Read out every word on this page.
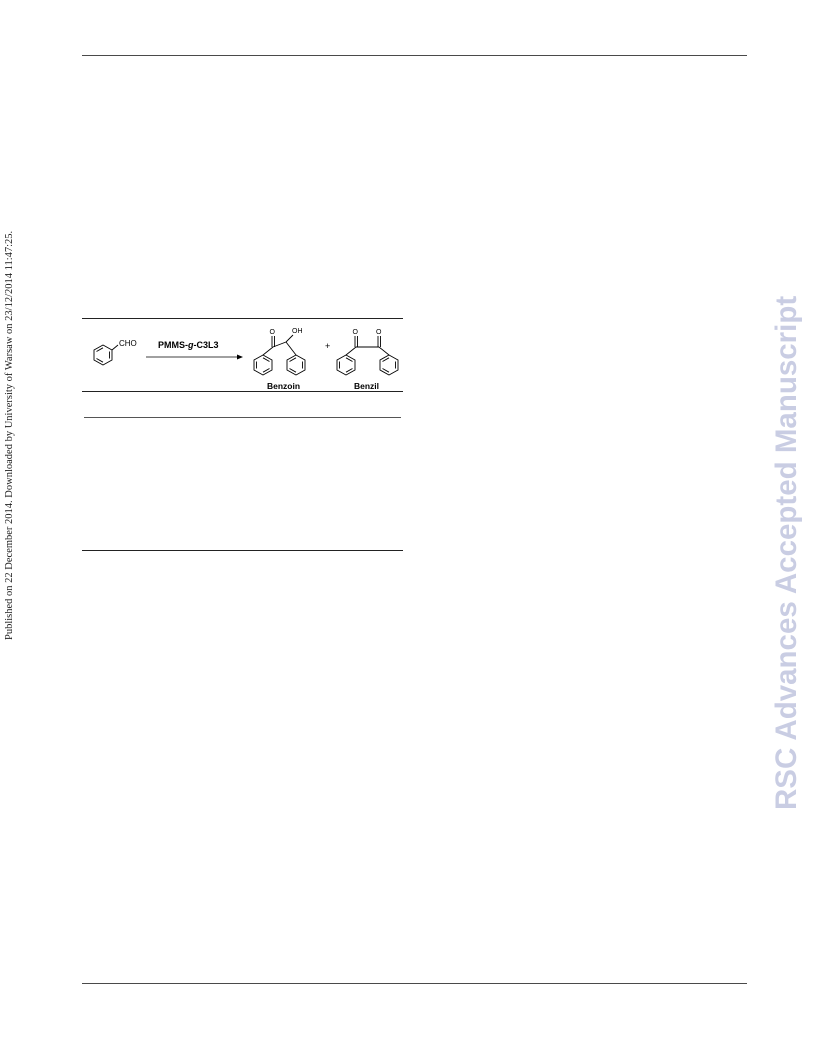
Published on 22 December 2014. Downloaded by University of Warsaw on 23/12/2014 11:47:25.	RSC Advances Accepted Manuscript
CHO PMMS-g-C3L3
O OH
+
O	O
Benzoin	Benzil
